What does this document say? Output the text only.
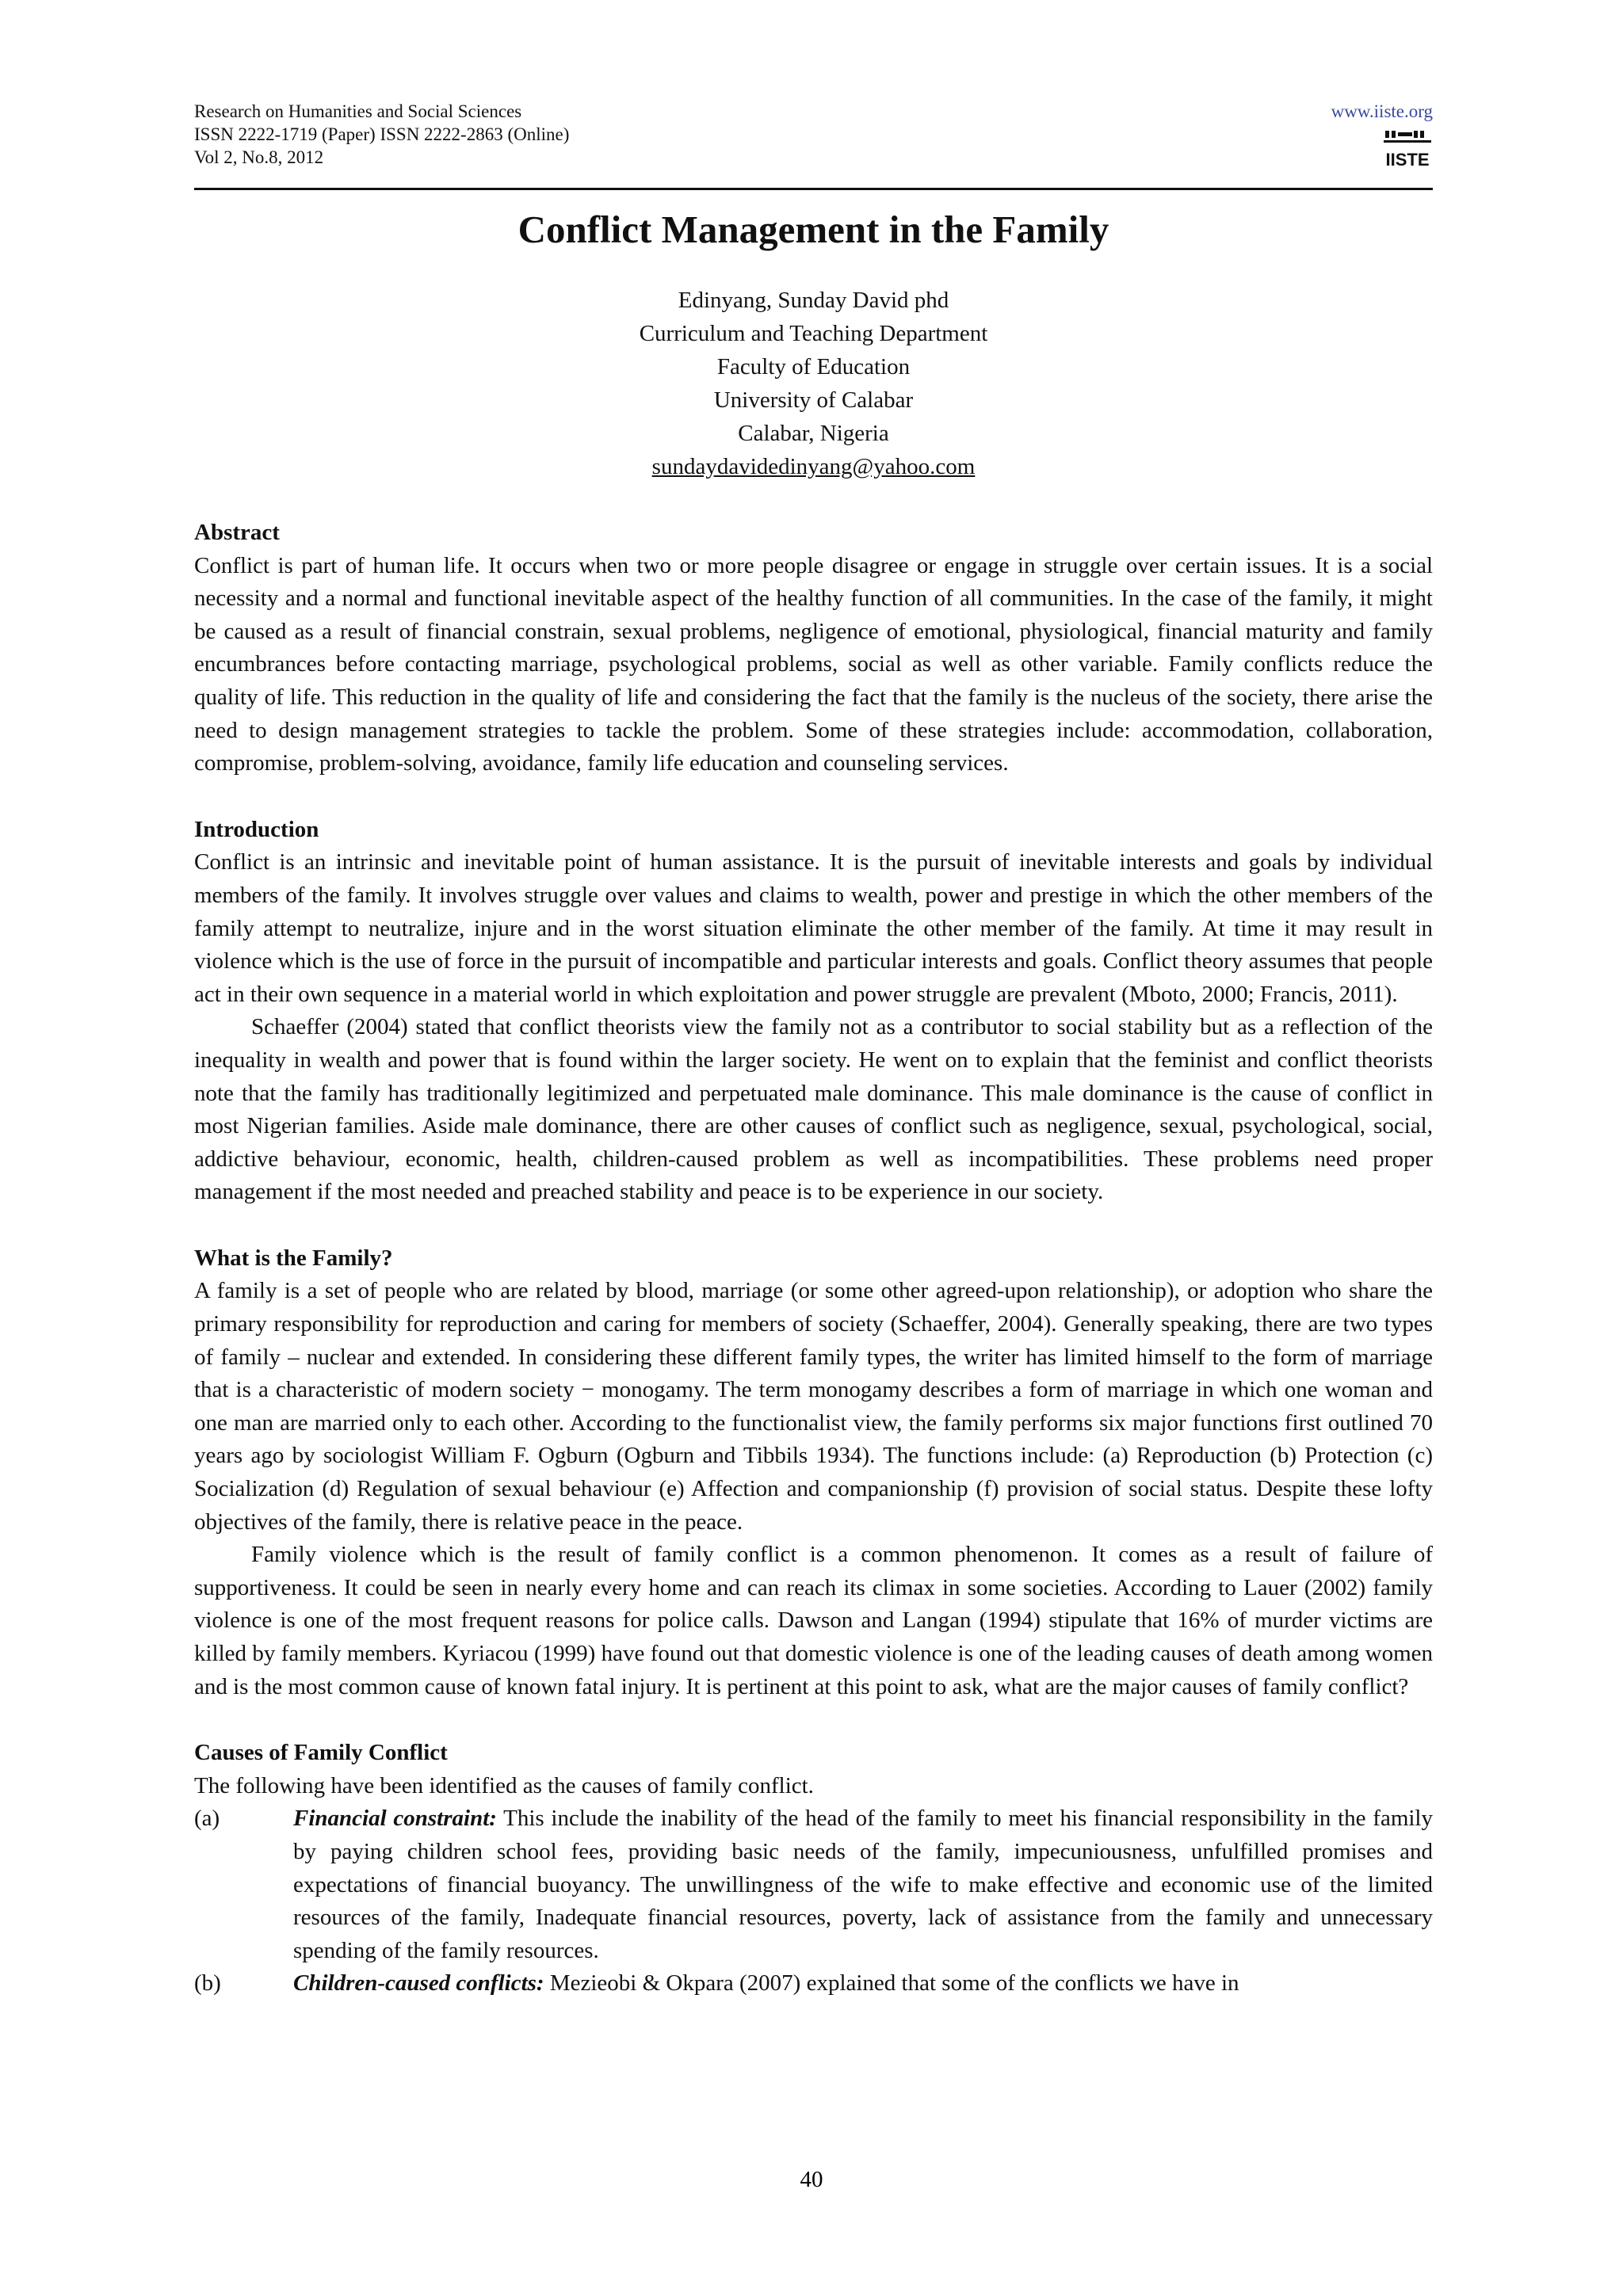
Research on Humanities and Social Sciences
ISSN 2222-1719 (Paper) ISSN 2222-2863 (Online)
Vol 2, No.8, 2012
www.iiste.org
IISTE
Conflict Management in the Family
Edinyang, Sunday David phd
Curriculum and Teaching Department
Faculty of Education
University of Calabar
Calabar, Nigeria
sundaydavidedinyang@yahoo.com
Abstract

Conflict is part of human life. It occurs when two or more people disagree or engage in struggle over certain issues. It is a social necessity and a normal and functional inevitable aspect of the healthy function of all communities. In the case of the family, it might be caused as a result of financial constrain, sexual problems, negligence of emotional, physiological, financial maturity and family encumbrances before contacting marriage, psychological problems, social as well as other variable. Family conflicts reduce the quality of life. This reduction in the quality of life and considering the fact that the family is the nucleus of the society, there arise the need to design management strategies to tackle the problem. Some of these strategies include: accommodation, collaboration, compromise, problem-solving, avoidance, family life education and counseling services.

Introduction

Conflict is an intrinsic and inevitable point of human assistance. It is the pursuit of inevitable interests and goals by individual members of the family. It involves struggle over values and claims to wealth, power and prestige in which the other members of the family attempt to neutralize, injure and in the worst situation eliminate the other member of the family. At time it may result in violence which is the use of force in the pursuit of incompatible and particular interests and goals. Conflict theory assumes that people act in their own sequence in a material world in which exploitation and power struggle are prevalent (Mboto, 2000; Francis, 2011).

Schaeffer (2004) stated that conflict theorists view the family not as a contributor to social stability but as a reflection of the inequality in wealth and power that is found within the larger society. He went on to explain that the feminist and conflict theorists note that the family has traditionally legitimized and perpetuated male dominance. This male dominance is the cause of conflict in most Nigerian families. Aside male dominance, there are other causes of conflict such as negligence, sexual, psychological, social, addictive behaviour, economic, health, children-caused problem as well as incompatibilities. These problems need proper management if the most needed and preached stability and peace is to be experience in our society.

What is the Family?

A family is a set of people who are related by blood, marriage (or some other agreed-upon relationship), or adoption who share the primary responsibility for reproduction and caring for members of society (Schaeffer, 2004). Generally speaking, there are two types of family – nuclear and extended. In considering these different family types, the writer has limited himself to the form of marriage that is a characteristic of modern society − monogamy. The term monogamy describes a form of marriage in which one woman and one man are married only to each other. According to the functionalist view, the family performs six major functions first outlined 70 years ago by sociologist William F. Ogburn (Ogburn and Tibbils 1934). The functions include: (a) Reproduction (b) Protection (c) Socialization (d) Regulation of sexual behaviour (e) Affection and companionship (f) provision of social status. Despite these lofty objectives of the family, there is relative peace in the peace.

Family violence which is the result of family conflict is a common phenomenon. It comes as a result of failure of supportiveness. It could be seen in nearly every home and can reach its climax in some societies. According to Lauer (2002) family violence is one of the most frequent reasons for police calls. Dawson and Langan (1994) stipulate that 16% of murder victims are killed by family members. Kyriacou (1999) have found out that domestic violence is one of the leading causes of death among women and is the most common cause of known fatal injury. It is pertinent at this point to ask, what are the major causes of family conflict?

Causes of Family Conflict

The following have been identified as the causes of family conflict.

(a)	Financial constraint: This include the inability of the head of the family to meet his financial responsibility in the family by paying children school fees, providing basic needs of the family, impecuniousness, unfulfilled promises and expectations of financial buoyancy. The unwillingness of the wife to make effective and economic use of the limited resources of the family, Inadequate financial resources, poverty, lack of assistance from the family and unnecessary spending of the family resources.
(b)	Children-caused conflicts: Mezieobi & Okpara (2007) explained that some of the conflicts we have in
40
